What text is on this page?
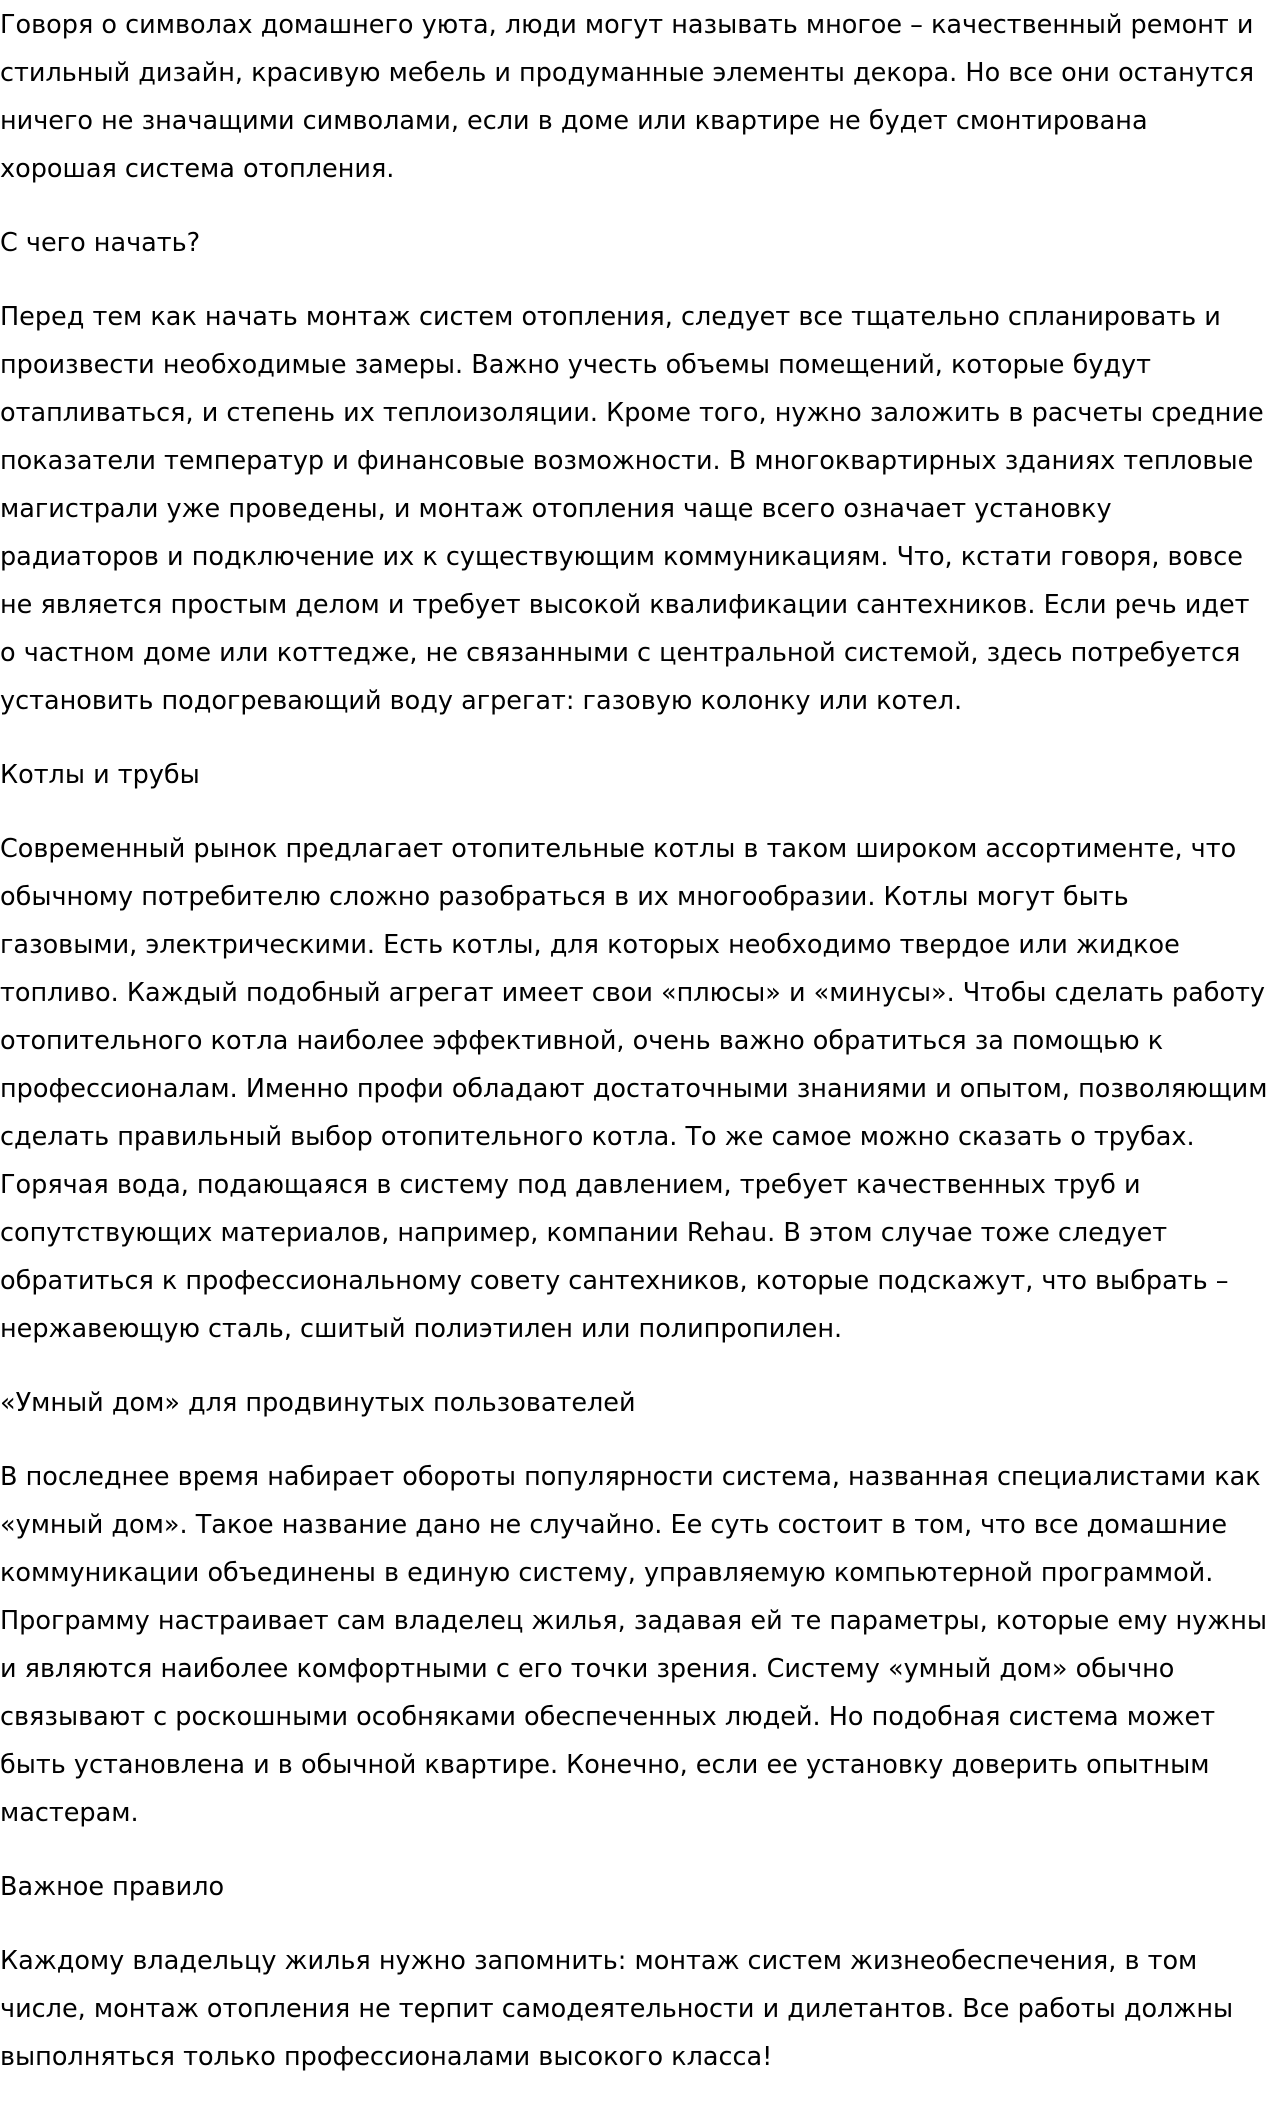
Говоря о символах домашнего уюта, люди могут называть многое – качественный ремонт и стильный дизайн, красивую мебель и продуманные элементы декора. Но все они останутся ничего не значащими символами, если в доме или квартире не будет смонтирована хорошая система отопления.

С чего начать?

Перед тем как начать монтаж систем отопления, следует все тщательно спланировать и произвести необходимые замеры. Важно учесть объемы помещений, которые будут отапливаться, и степень их теплоизоляции. Кроме того, нужно заложить в расчеты средние показатели температур и финансовые возможности. В многоквартирных зданиях тепловые магистрали уже проведены, и монтаж отопления чаще всего означает установку радиаторов и подключение их к существующим коммуникациям. Что, кстати говоря, вовсе не является простым делом и требует высокой квалификации сантехников. Если речь идет о частном доме или коттедже, не связанными с центральной системой, здесь потребуется установить подогревающий воду агрегат: газовую колонку или котел.

Котлы и трубы

Современный рынок предлагает отопительные котлы в таком широком ассортименте, что обычному потребителю сложно разобраться в их многообразии. Котлы могут быть газовыми, электрическими. Есть котлы, для которых необходимо твердое или жидкое топливо. Каждый подобный агрегат имеет свои «плюсы» и «минусы». Чтобы сделать работу отопительного котла наиболее эффективной, очень важно обратиться за помощью к профессионалам. Именно профи обладают достаточными знаниями и опытом, позволяющим сделать правильный выбор отопительного котла. То же самое можно сказать о трубах. Горячая вода, подающаяся в систему под давлением, требует качественных труб и сопутствующих материалов, например, компании Rehau. В этом случае тоже следует обратиться к профессиональному совету сантехников, которые подскажут, что выбрать – нержавеющую сталь, сшитый полиэтилен или полипропилен.

«Умный дом» для продвинутых пользователей

В последнее время набирает обороты популярности система, названная специалистами как «умный дом». Такое название дано не случайно. Ее суть состоит в том, что все домашние коммуникации объединены в единую систему, управляемую компьютерной программой. Программу настраивает сам владелец жилья, задавая ей те параметры, которые ему нужны и являются наиболее комфортными с его точки зрения. Систему «умный дом» обычно связывают с роскошными особняками обеспеченных людей. Но подобная система может быть установлена и в обычной квартире. Конечно, если ее установку доверить опытным мастерам.

Важное правило

Каждому владельцу жилья нужно запомнить: монтаж систем жизнеобеспечения, в том числе, монтаж отопления не терпит самодеятельности и дилетантов. Все работы должны выполняться только профессионалами высокого класса!
